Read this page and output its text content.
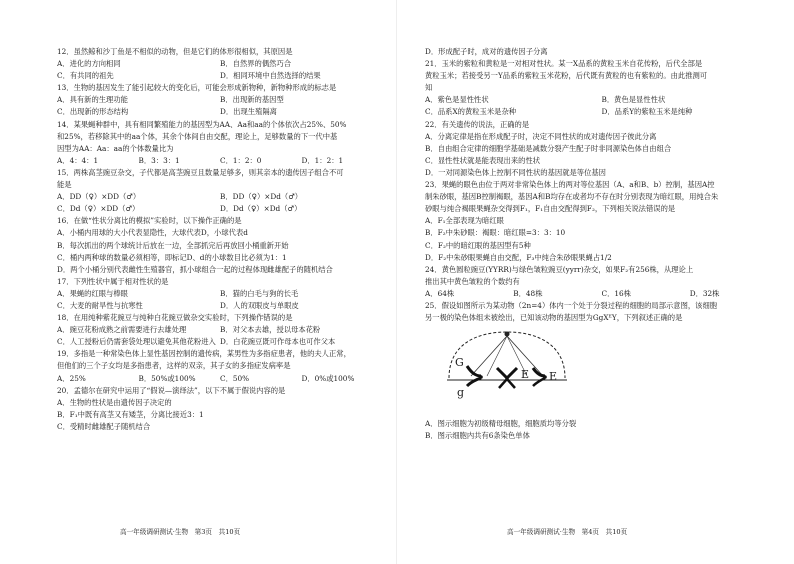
12．虽然鲸和沙丁鱼是不相似的动物，但是它们的体形很相似，其原因是
A．进化的方向相同	B．自然界的偶然巧合
C．有共同的祖先	D．相同环境中自然选择的结果
13．生物的基因发生了能引起较大的变化后，可能会形成新物种，新物种形成的标志是
A．具有新的生理功能	B．出现新的基因型
C．出现新的形态结构	D．出现生殖隔离
14．某果蝇种群中，具有相同繁殖能力的基因型为AA、Aa和aa的个体依次占25%、50%
和25%，若移除其中的aa个体，其余个体间自由交配，理论上，足够数量的下一代中基
因型为AA：Aa：aa的个体数量比为
A．4：4：1	B．3：3：1	C．1：2：0	D．1：2：1
15．两株高茎豌豆杂交，子代都是高茎豌豆且数量足够多，则其亲本的遗传因子组合不可
能是
A．DD（♀）×DD（♂）	B．DD（♀）×Dd（♂）
C．Dd（♀）×DD（♂）	D．Dd（♀）×Dd（♂）
16．在做“性状分离比的模拟”实验时，以下操作正确的是
A．小桶内用球的大小代表显隐性，大球代表D，小球代表d
B．每次抓出的两个球统计后放在一边，全部抓完后再放回小桶重新开始
C．桶内两种球的数量必须相等，即标记D、d的小球数目比必须为1：1
D．两个小桶分别代表雌性生殖器官，抓小球组合一起的过程体现雌雄配子的随机结合
17．下列性状中属于相对性状的是
A．果蝇的红眼与棒眼	B．猫的白毛与狗的长毛
C．大麦的耐旱性与抗寒性	D．人的双眼皮与单眼皮
18．在用纯种紫花豌豆与纯种白花豌豆做杂交实验时，下列操作错误的是
A．豌豆花粉成熟之前需要进行去雄处理	B．对父本去雄，授以母本花粉
C．人工授粉后仍需套袋处理以避免其他花粉进入 D．白花豌豆既可作母本也可作父本
19．多指是一种常染色体上显性基因控制的遗传病，某男性为多指症患者，他的夫人正常，
但他们的三个子女均是多指患者，这样的双亲，其子女的多指症发病率是
A．25%	B．50%或100%	C．50%	D．0%或100%
20．孟德尔在研究中运用了“假说—演绎法”，以下不属于假说内容的是
A．生物的性状是由遗传因子决定的
B．F₁中既有高茎又有矮茎，分离比接近3：1
C．受精时雌雄配子随机结合
高一年级调研测试·生物　第3页　共10页
D．形成配子时，成对的遗传因子分离
21．玉米的紫粒和黄粒是一对相对性状。某一X品系的黄粒玉米自花传粉，后代全部是
黄粒玉米；若接受另一Y品系的紫粒玉米花粉，后代既有黄粒的也有紫粒的。由此推测可
知
A．紫色是显性性状	B．黄色是显性性状
C．品系X的黄粒玉米是杂种	D．品系Y的紫粒玉米是纯种
22．有关遗传的说法，正确的是
A．分离定律是指在形成配子时，决定不同性状的成对遗传因子彼此分离
B．自由组合定律的细胞学基础是减数分裂产生配子时非同源染色体自由组合
C．显性性状就是能表现出来的性状
D．一对同源染色体上控制不同性状的基因就是等位基因
23．果蝇的眼色由位于两对非常染色体上的两对等位基因（A、a和B、b）控制，基因A控
制朱砂眼，基因B控制褐眼，基因A和B均存在或者均不存在时分别表现为暗红眼，用纯合朱
砂眼与纯合褐眼果蝇杂交得到F₁，F₁自由交配得到F₂，下列相关说法错误的是
A．F₁全部表现为暗红眼
B．F₂中朱砂眼：褐眼：暗红眼=3：3：10
C．F₂中的暗红眼的基因型有5种
D．F₂中朱砂眼果蝇自由交配，F₃中纯合朱砂眼果蝇占1/2
24．黄色圆粒豌豆(YYRR)与绿色皱粒豌豆(yyrr)杂交，如果F₂有256株，从理论上
推出其中黄色皱粒的个数约有
A．64株	B．48株	C．16株	D．32株
25．假设如图所示为某动物（2n=4）体内一个处于分裂过程的细胞的局部示意图，该细胞
另一极的染色体组未被绘出，已知该动物的基因型为GgXᴱY，下列叙述正确的是
G
g
E E
A．图示细胞为初级精母细胞，细胞质均等分裂
B．图示细胞内共有6条染色单体
高一年级调研测试·生物　第4页　共10页
